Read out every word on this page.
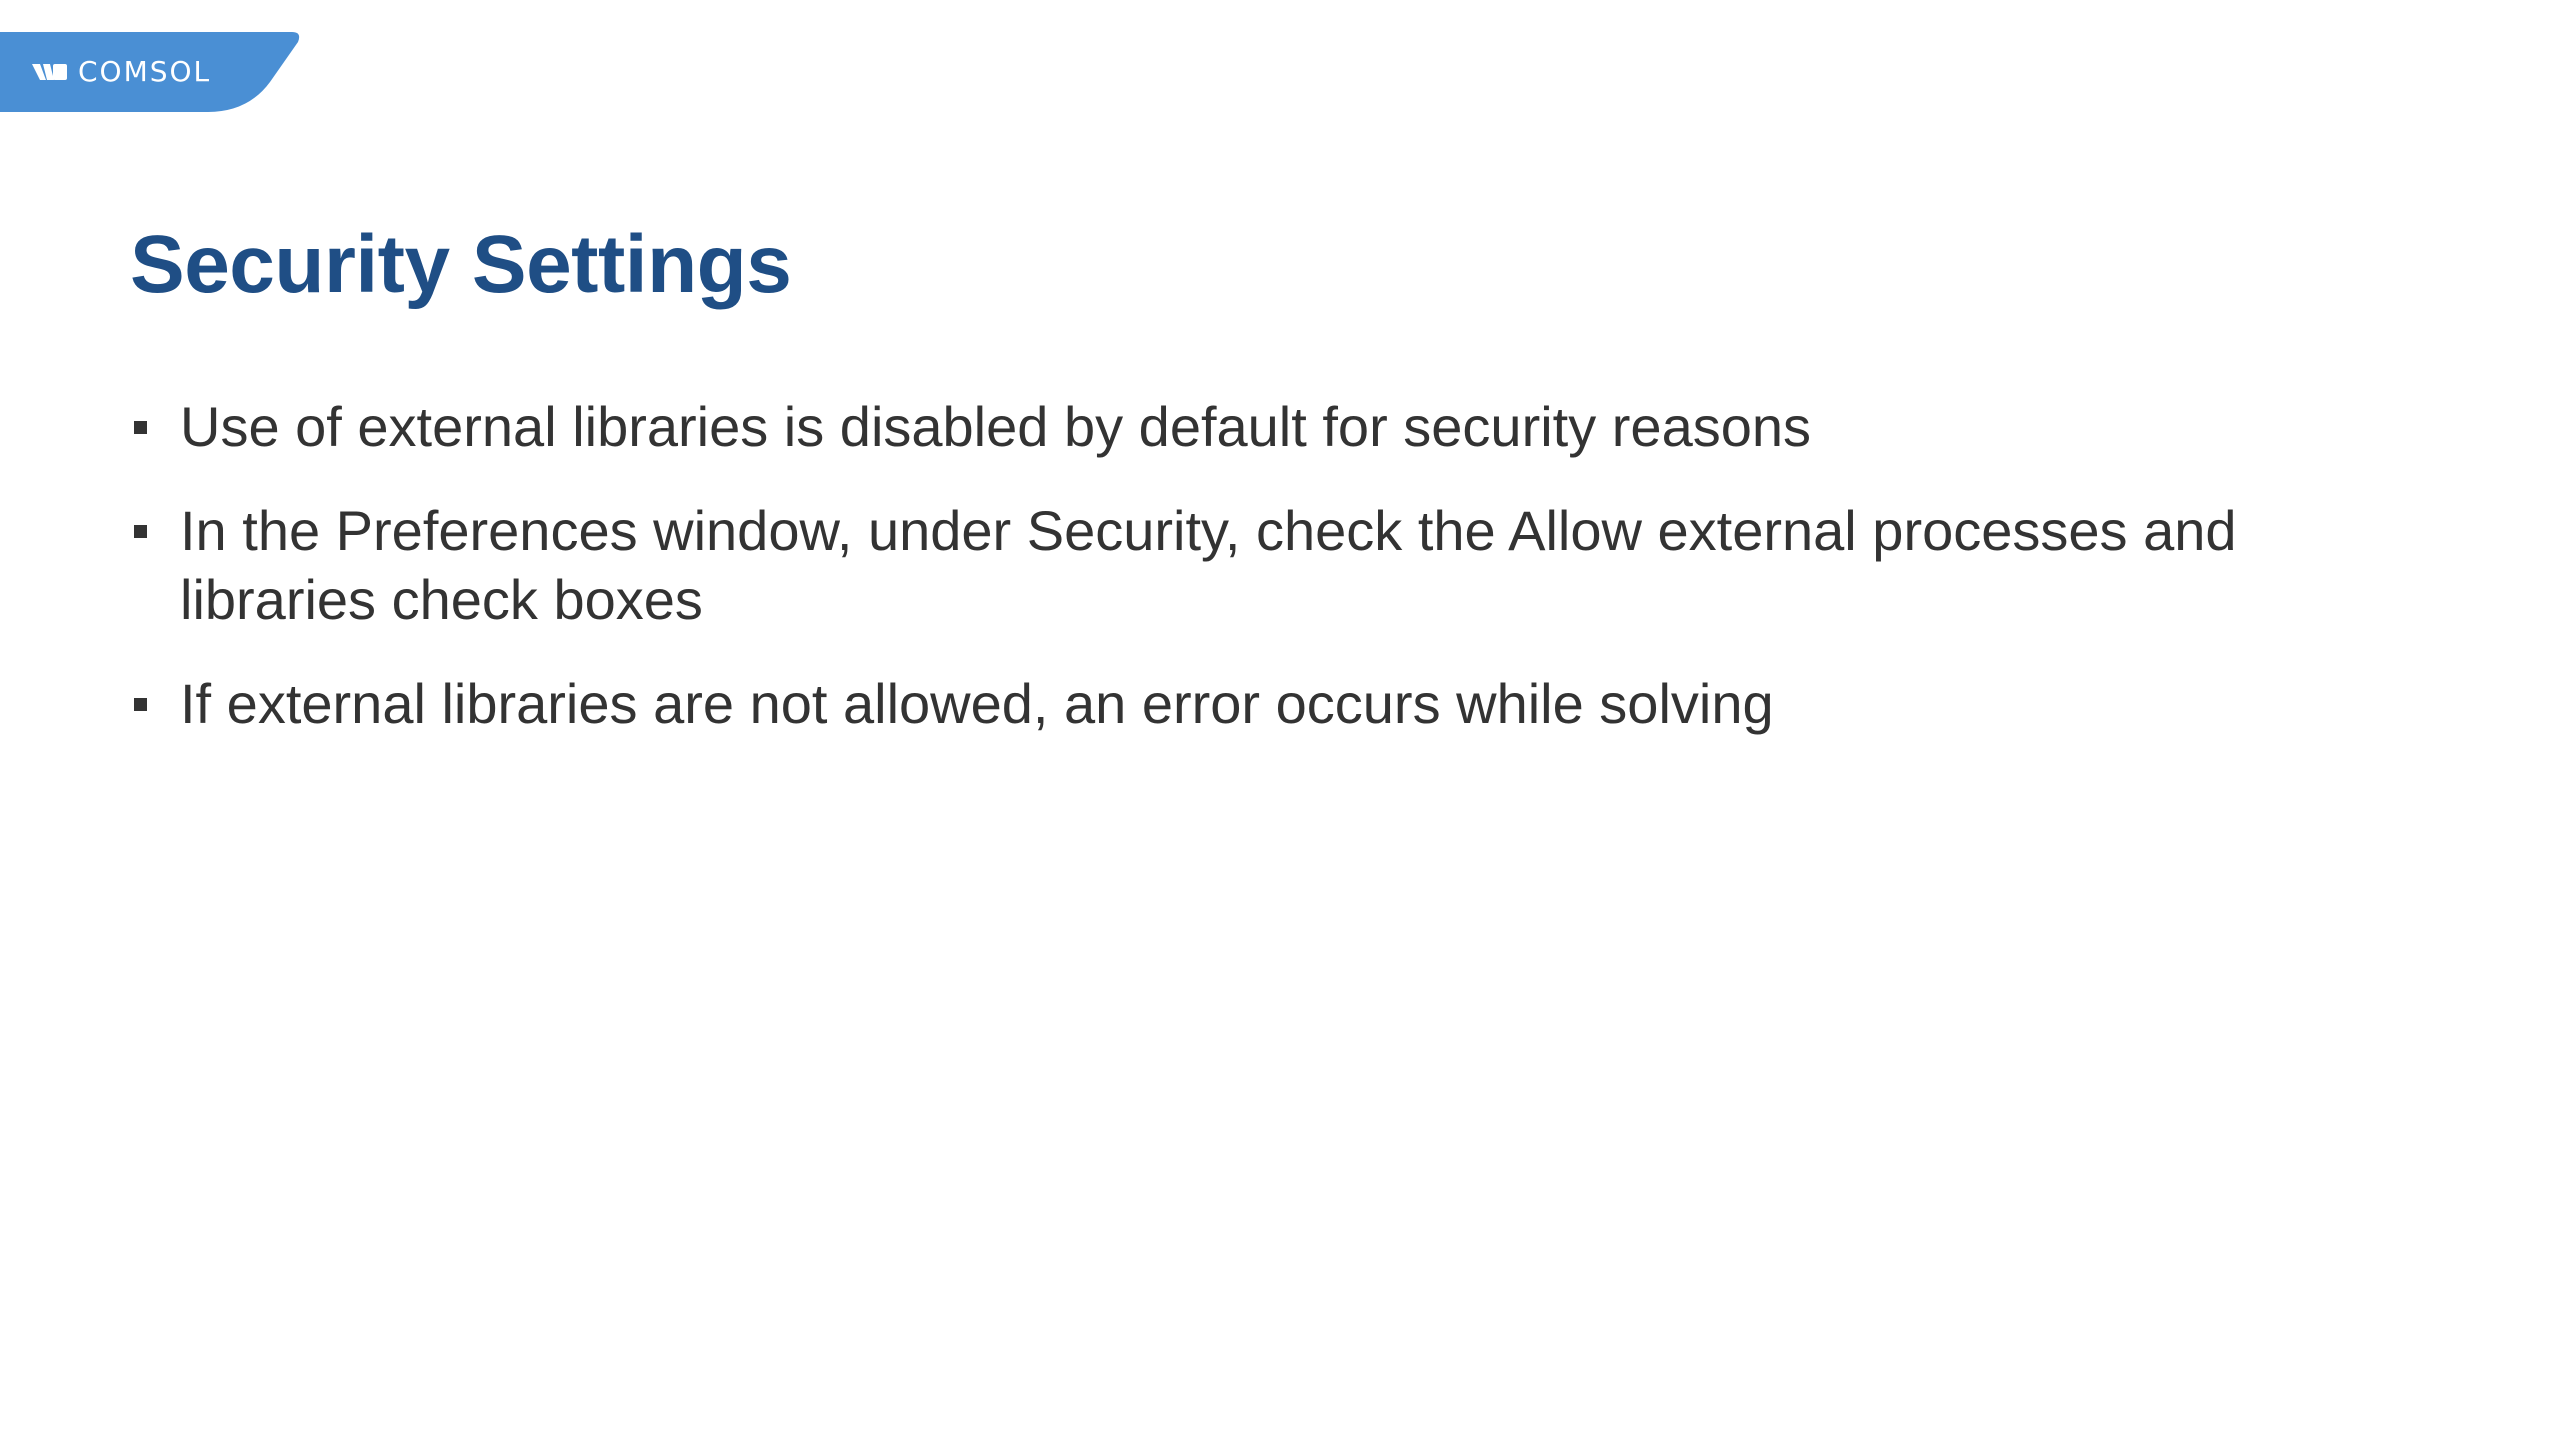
COMSOL
Security Settings
Use of external libraries is disabled by default for security reasons
In the Preferences window, under Security, check the Allow external processes and libraries check boxes
If external libraries are not allowed, an error occurs while solving
